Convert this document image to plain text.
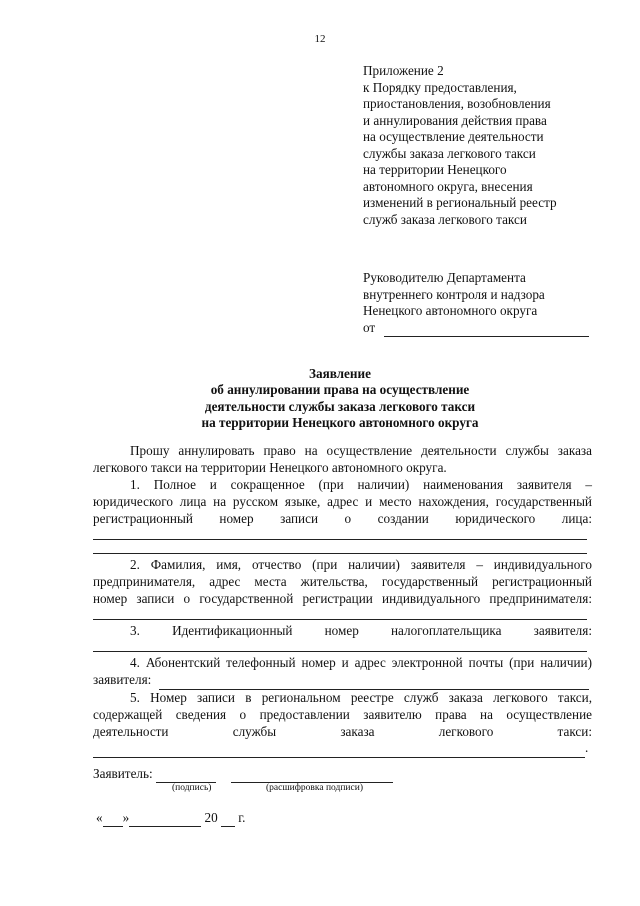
12
Приложение 2
к Порядку предоставления,
приостановления, возобновления
и аннулирования действия права
на осуществление деятельности
службы заказа легкового такси
на территории Ненецкого
автономного округа, внесения
изменений в региональный реестр
служб заказа легкового такси
Руководителю Департамента
внутреннего контроля и надзора
Ненецкого автономного округа
от
Заявление
об аннулировании права на осуществление
деятельности службы заказа легкового такси
на территории Ненецкого автономного округа
Прошу аннулировать право на осуществление деятельности службы заказа
легкового такси на территории Ненецкого автономного округа.
1. Полное и сокращенное (при наличии) наименования заявителя –
юридического лица на русском языке, адрес и место нахождения, государственный
регистрационный номер записи о создании юридического лица:
2. Фамилия, имя, отчество (при наличии) заявителя – индивидуального
предпринимателя, адрес места жительства, государственный регистрационный
номер записи о государственной регистрации индивидуального предпринимателя:
3. Идентификационный номер налогоплательщика заявителя:
4. Абонентский телефонный номер и адрес электронной почты (при наличии)
заявителя:
5. Номер записи в региональном реестре служб заказа легкового такси,
содержащей сведения о предоставлении заявителю права на осуществление
деятельности службы заказа легкового такси:
.
Заявитель:
(подпись)	(расшифровка подписи)
« »	20 г.
